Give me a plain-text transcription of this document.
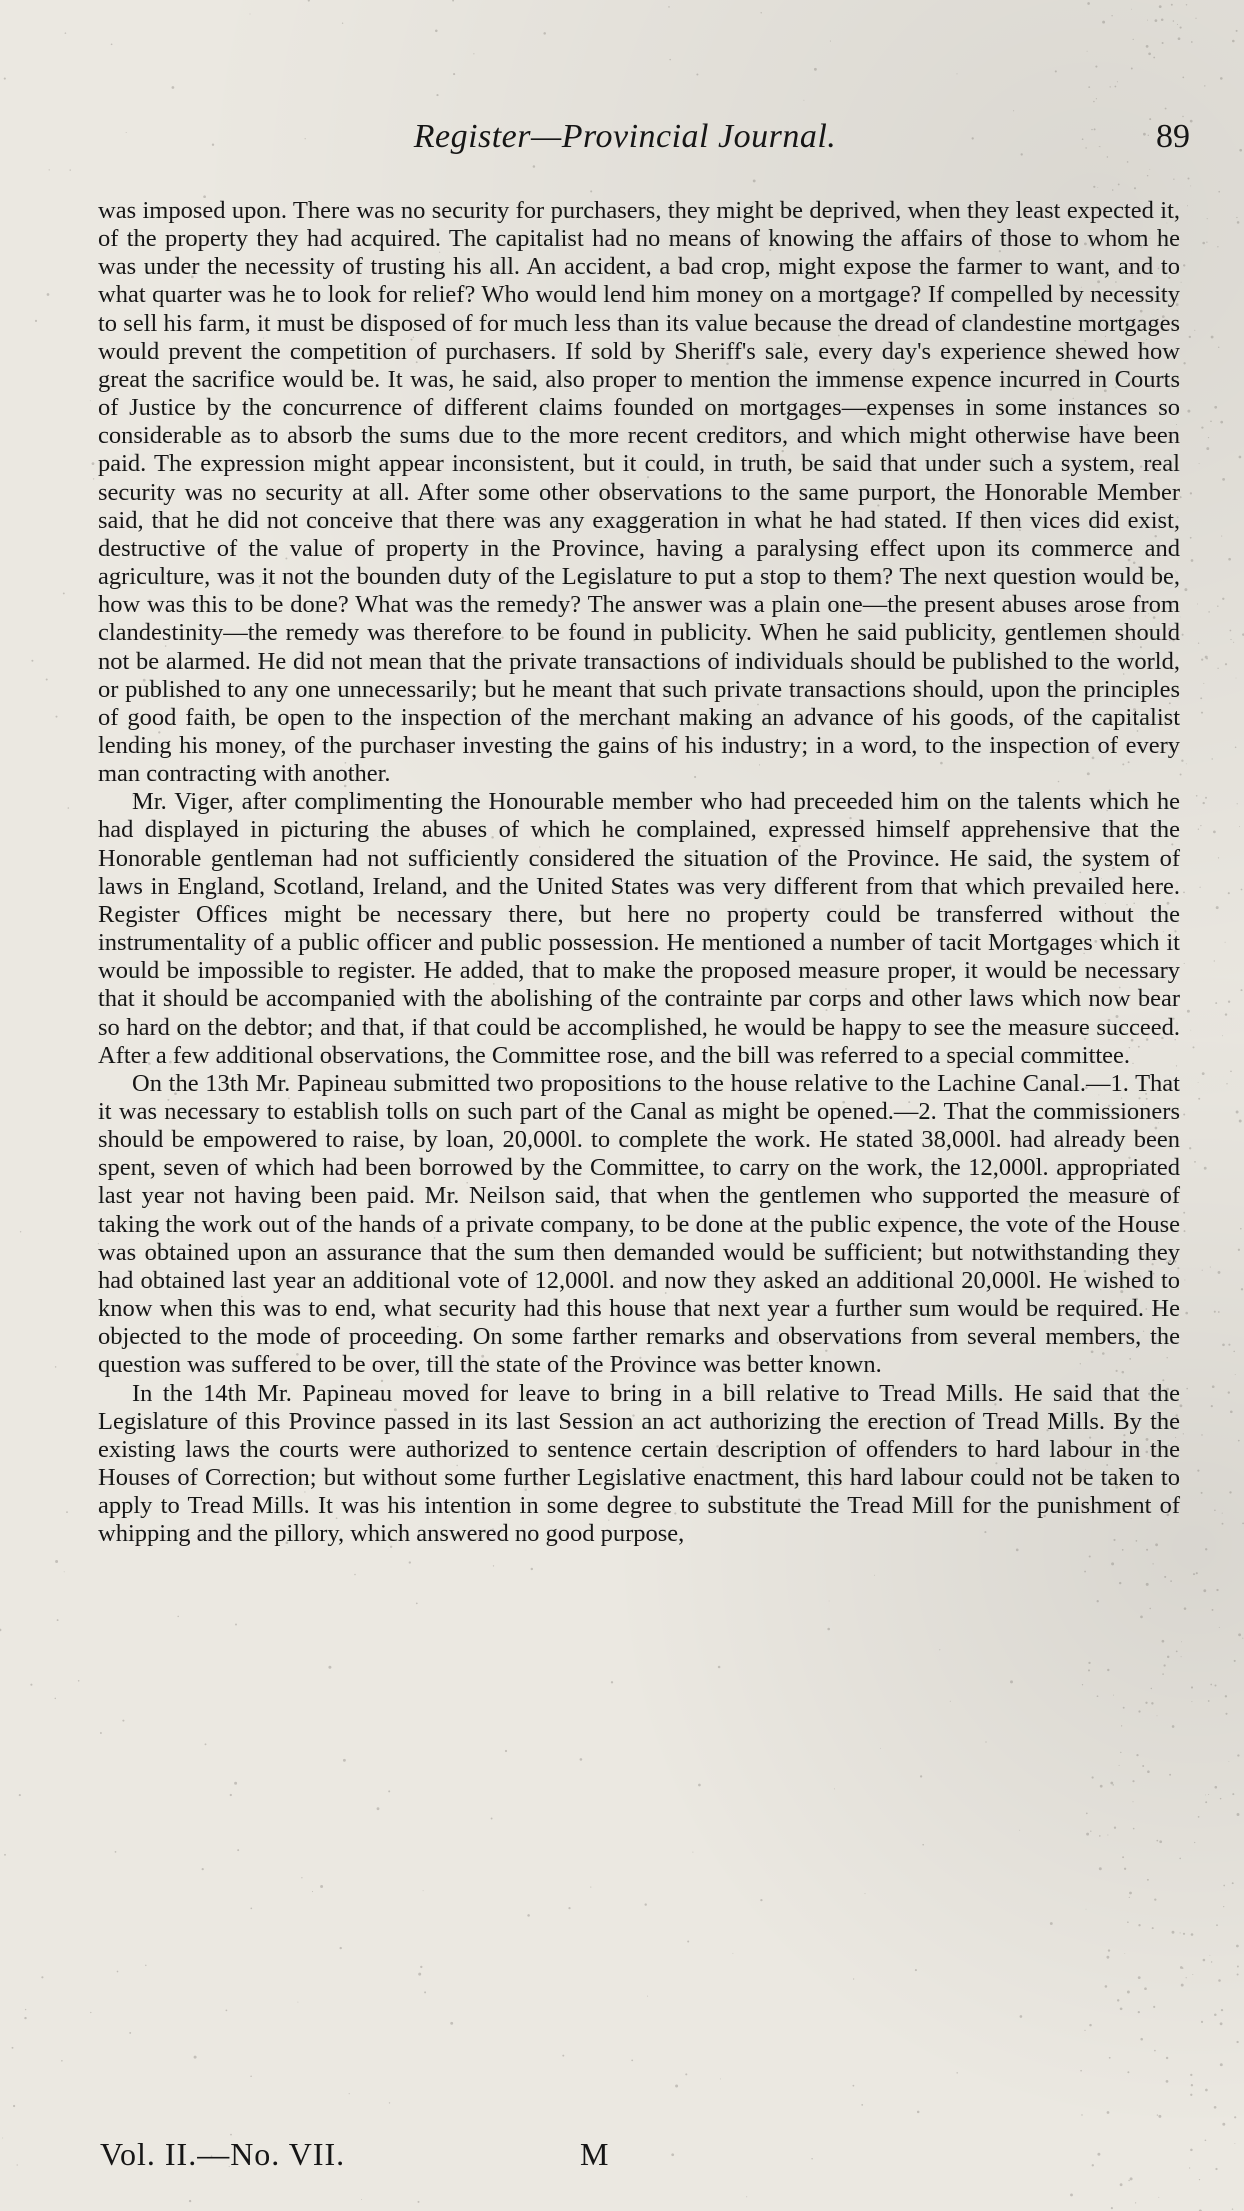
Register—Provincial Journal.	89

was imposed upon. There was no security for purchasers, they might be deprived, when they least expected it, of the property they had acquired. The capitalist had no means of knowing the affairs of those to whom he was under the necessity of trusting his all. An accident, a bad crop, might expose the farmer to want, and to what quarter was he to look for relief? Who would lend him money on a mortgage? If compelled by necessity to sell his farm, it must be disposed of for much less than its value because the dread of clandestine mortgages would prevent the competition of purchasers. If sold by Sheriff's sale, every day's experience shewed how great the sacrifice would be. It was, he said, also proper to mention the immense expence incurred in Courts of Justice by the concurrence of different claims founded on mortgages—expenses in some instances so considerable as to absorb the sums due to the more recent creditors, and which might otherwise have been paid. The expression might appear inconsistent, but it could, in truth, be said that under such a system, real security was no security at all. After some other observations to the same purport, the Honorable Member said, that he did not conceive that there was any exaggeration in what he had stated. If then vices did exist, destructive of the value of property in the Province, having a paralysing effect upon its commerce and agriculture, was it not the bounden duty of the Legislature to put a stop to them? The next question would be, how was this to be done? What was the remedy? The answer was a plain one—the present abuses arose from clandestinity—the remedy was therefore to be found in publicity. When he said publicity, gentlemen should not be alarmed. He did not mean that the private transactions of individuals should be published to the world, or published to any one unnecessarily; but he meant that such private transactions should, upon the principles of good faith, be open to the inspection of the merchant making an advance of his goods, of the capitalist lending his money, of the purchaser investing the gains of his industry; in a word, to the inspection of every man contracting with another.

Mr. Viger, after complimenting the Honourable member who had preceeded him on the talents which he had displayed in picturing the abuses of which he complained, expressed himself apprehensive that the Honorable gentleman had not sufficiently considered the situation of the Province. He said, the system of laws in England, Scotland, Ireland, and the United States was very different from that which prevailed here. Register Offices might be necessary there, but here no property could be transferred without the instrumentality of a public officer and public possession. He mentioned a number of tacit Mortgages which it would be impossible to register. He added, that to make the proposed measure proper, it would be necessary that it should be accompanied with the abolishing of the contrainte par corps and other laws which now bear so hard on the debtor; and that, if that could be accomplished, he would be happy to see the measure succeed. After a few additional observations, the Committee rose, and the bill was referred to a special committee.

On the 13th Mr. Papineau submitted two propositions to the house relative to the Lachine Canal.—1. That it was necessary to establish tolls on such part of the Canal as might be opened.—2. That the commissioners should be empowered to raise, by loan, 20,000l. to complete the work. He stated 38,000l. had already been spent, seven of which had been borrowed by the Committee, to carry on the work, the 12,000l. appropriated last year not having been paid. Mr. Neilson said, that when the gentlemen who supported the measure of taking the work out of the hands of a private company, to be done at the public expence, the vote of the House was obtained upon an assurance that the sum then demanded would be sufficient; but notwithstanding they had obtained last year an additional vote of 12,000l. and now they asked an additional 20,000l. He wished to know when this was to end, what security had this house that next year a further sum would be required. He objected to the mode of proceeding. On some farther remarks and observations from several members, the question was suffered to be over, till the state of the Province was better known.

In the 14th Mr. Papineau moved for leave to bring in a bill relative to Tread Mills. He said that the Legislature of this Province passed in its last Session an act authorizing the erection of Tread Mills. By the existing laws the courts were authorized to sentence certain description of offenders to hard labour in the Houses of Correction; but without some further Legislative enactment, this hard labour could not be taken to apply to Tread Mills. It was his intention in some degree to substitute the Tread Mill for the punishment of whipping and the pillory, which answered no good purpose,

Vol. II.—No. VII.	M
